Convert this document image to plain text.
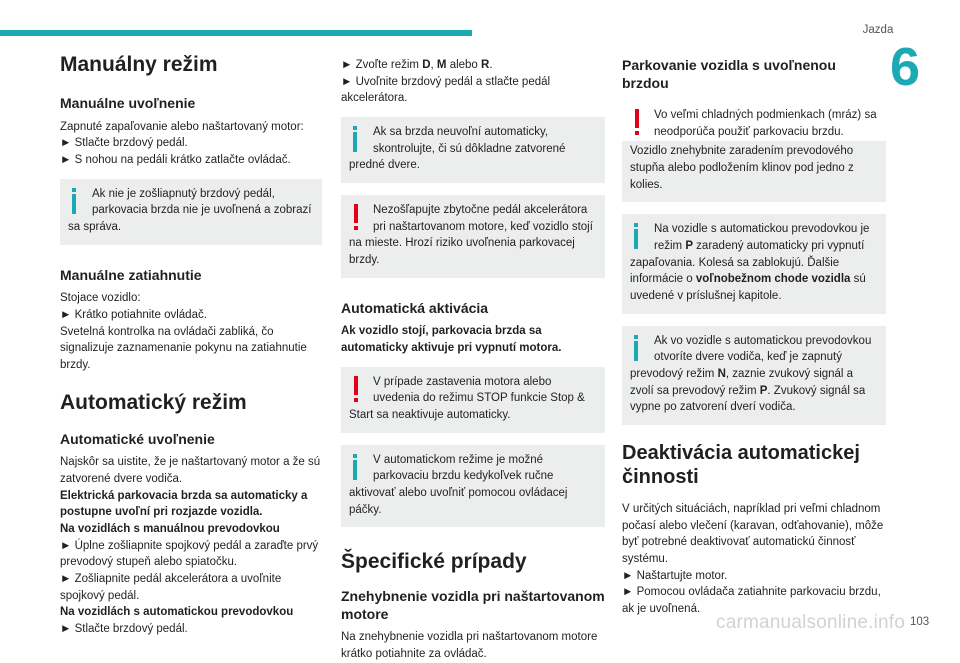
Jazda
6
Manuálny režim
Manuálne uvoľnenie

Zapnuté zapaľovanie alebo naštartovaný motor:

► Stlačte brzdový pedál.

► S nohou na pedáli krátko zatlačte ovládač.

Ak nie je zošliapnutý brzdový pedál, parkovacia brzda nie je uvoľnená a zobrazí sa správa.
Manuálne zatiahnutie

Stojace vozidlo:

► Krátko potiahnite ovládač.

Svetelná kontrolka na ovládači zabliká, čo signalizuje zaznamenanie pokynu na zatiahnutie brzdy.

Automatický režim
Automatické uvoľnenie

Najskôr sa uistite, že je naštartovaný motor a že sú zatvorené dvere vodiča.

Elektrická parkovacia brzda sa automaticky a postupne uvoľní pri rozjazde vozidla.

Na vozidlách s manuálnou prevodovkou

► Úplne zošliapnite spojkový pedál a zaraďte prvý prevodový stupeň alebo spiatočku.

► Zošliapnite pedál akcelerátora a uvoľnite spojkový pedál.

Na vozidlách s automatickou prevodovkou

► Stlačte brzdový pedál.

► Zvoľte režim D, M alebo R.

► Uvoľnite brzdový pedál a stlačte pedál akcelerátora.

Ak sa brzda neuvoľní automaticky, skontrolujte, či sú dôkladne zatvorené predné dvere.
Nezošľapujte zbytočne pedál akcelerátora pri naštartovanom motore, keď vozidlo stojí na mieste. Hrozí riziko uvoľnenia parkovacej brzdy.
Automatická aktivácia

Ak vozidlo stojí, parkovacia brzda sa automaticky aktivuje pri vypnutí motora.

V prípade zastavenia motora alebo uvedenia do režimu STOP funkcie Stop & Start sa neaktivuje automaticky.
V automatickom režime je možné parkovaciu brzdu kedykoľvek ručne aktivovať alebo uvoľniť pomocou ovládacej páčky.
Špecifické prípady
Znehybnenie vozidla pri naštartovanom motore

Na znehybnenie vozidla pri naštartovanom motore krátko potiahnite za ovládač.

Parkovanie vozidla s uvoľnenou brzdou
Vo veľmi chladných podmienkach (mráz) sa neodporúča použiť parkovaciu brzdu.
Vozidlo znehybnite zaradením prevodového stupňa alebo podložením klinov pod jedno z kolies.
Na vozidle s automatickou prevodovkou je režim P zaradený automaticky pri vypnutí zapaľovania. Kolesá sa zablokujú. Ďalšie informácie o voľnobežnom chode vozidla sú uvedené v príslušnej kapitole.
Ak vo vozidle s automatickou prevodovkou otvoríte dvere vodiča, keď je zapnutý prevodový režim N, zaznie zvukový signál a zvolí sa prevodový režim P. Zvukový signál sa vypne po zatvorení dverí vodiča.
Deaktivácia automatickej činnosti

V určitých situáciách, napríklad pri veľmi chladnom počasí alebo vlečení (karavan, odťahovanie), môže byť potrebné deaktivovať automatickú činnosť systému.

► Naštartujte motor.

► Pomocou ovládača zatiahnite parkovaciu brzdu, ak je uvoľnená.

carmanualsonline.info 103
